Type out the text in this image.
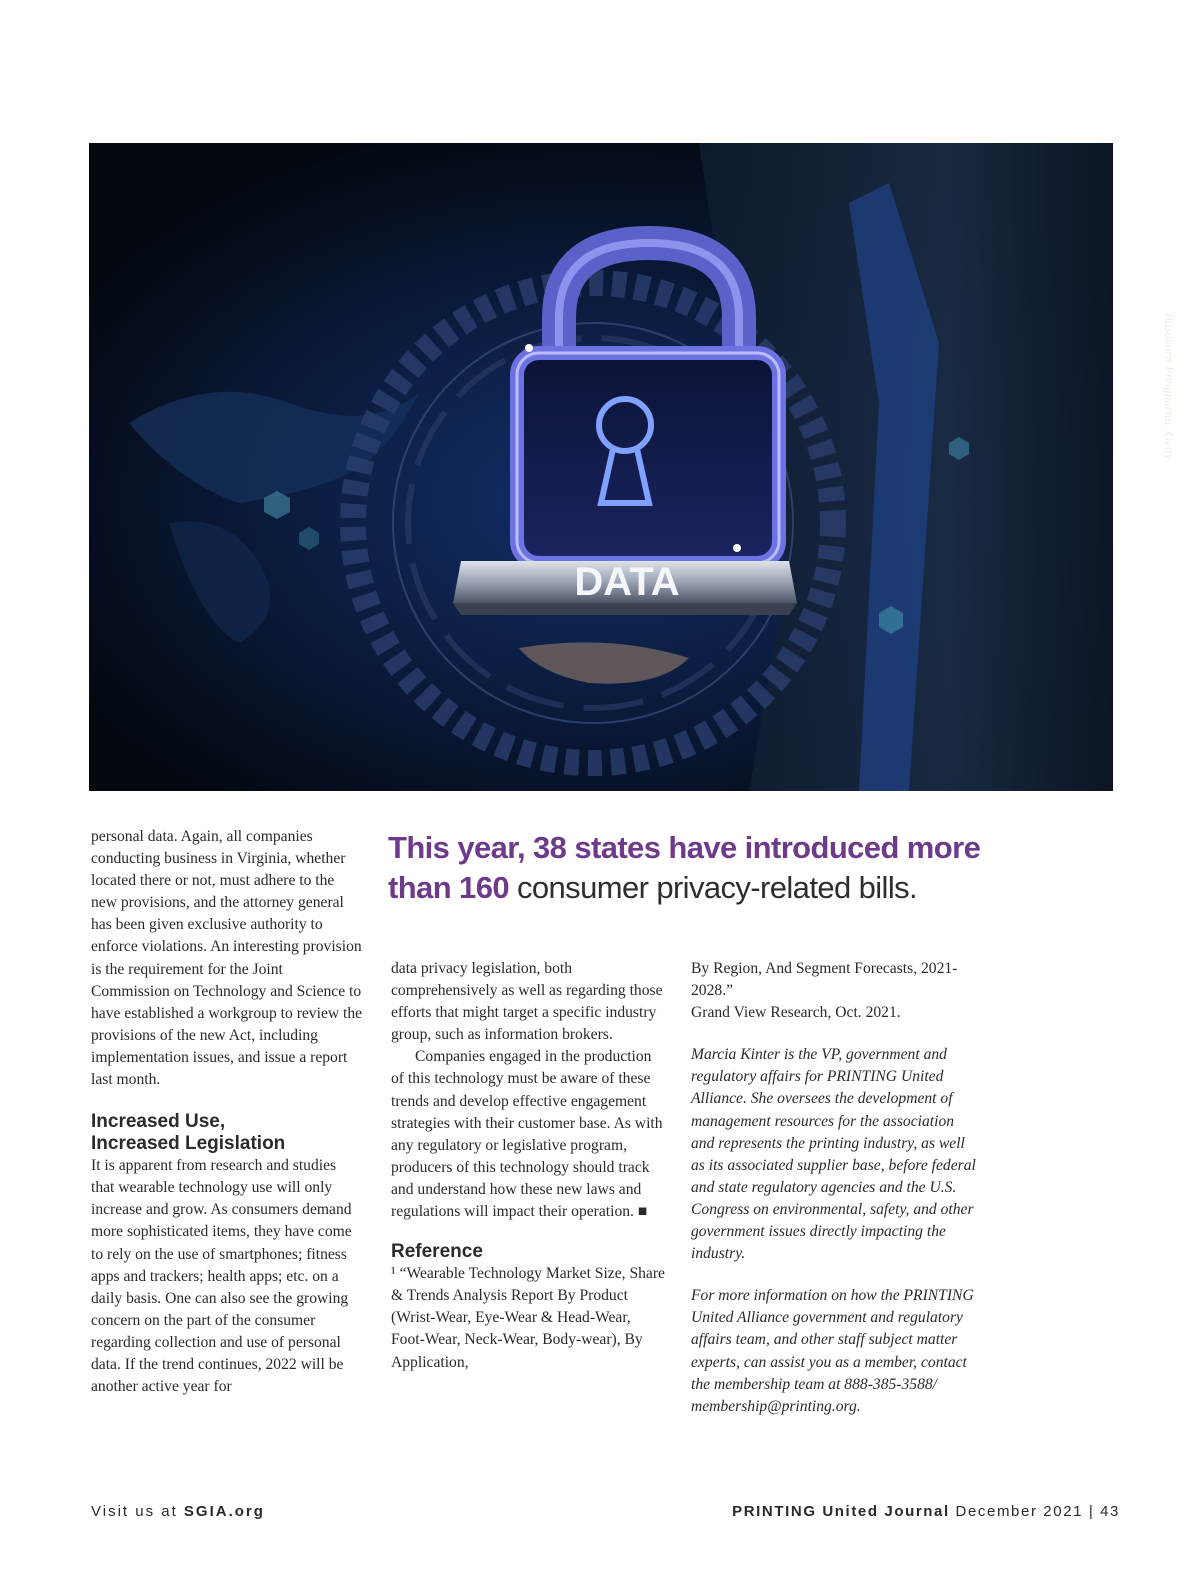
DATA
Busakorn Pongparnit, Getty.

personal data. Again, all companies conducting business in Virginia, whether located there or not, must adhere to the new provisions, and the attorney general has been given exclusive authority to enforce violations. An interesting provision is the requirement for the Joint Commission on Technology and Science to have established a workgroup to review the provisions of the new Act, including implementation issues, and issue a report last month.

Increased Use,
Increased Legislation

It is apparent from research and studies that wearable technology use will only increase and grow. As consumers demand more sophisticated items, they have come to rely on the use of smartphones; fitness apps and trackers; health apps; etc. on a daily basis. One can also see the growing concern on the part of the consumer regarding collection and use of personal data. If the trend continues, 2022 will be another active year for

This year, 38 states have introduced more than 160 consumer privacy-related bills.

data privacy legislation, both comprehensively as well as regarding those efforts that might target a specific industry group, such as information brokers.

Companies engaged in the production of this technology must be aware of these trends and develop effective engagement strategies with their customer base. As with any regulatory or legislative program, producers of this technology should track and understand how these new laws and regulations will impact their operation. ■

Reference

¹ “Wearable Technology Market Size, Share & Trends Analysis Report By Product (Wrist-Wear, Eye-Wear & Head-Wear, Foot-Wear, Neck-Wear, Body-wear), By Application,

By Region, And Segment Forecasts, 2021-2028.”

Grand View Research, Oct. 2021.

Marcia Kinter is the VP, government and regulatory affairs for PRINTING United Alliance. She oversees the development of management resources for the association and represents the printing industry, as well as its associated supplier base, before federal and state regulatory agencies and the U.S. Congress on environmental, safety, and other government issues directly impacting the industry.

For more information on how the PRINTING United Alliance government and regulatory affairs team, and other staff subject matter experts, can assist you as a member, contact the membership team at 888-385-3588/ membership@printing.org.

Visit us at SGIA.org	PRINTING United Journal December 2021 | 43
